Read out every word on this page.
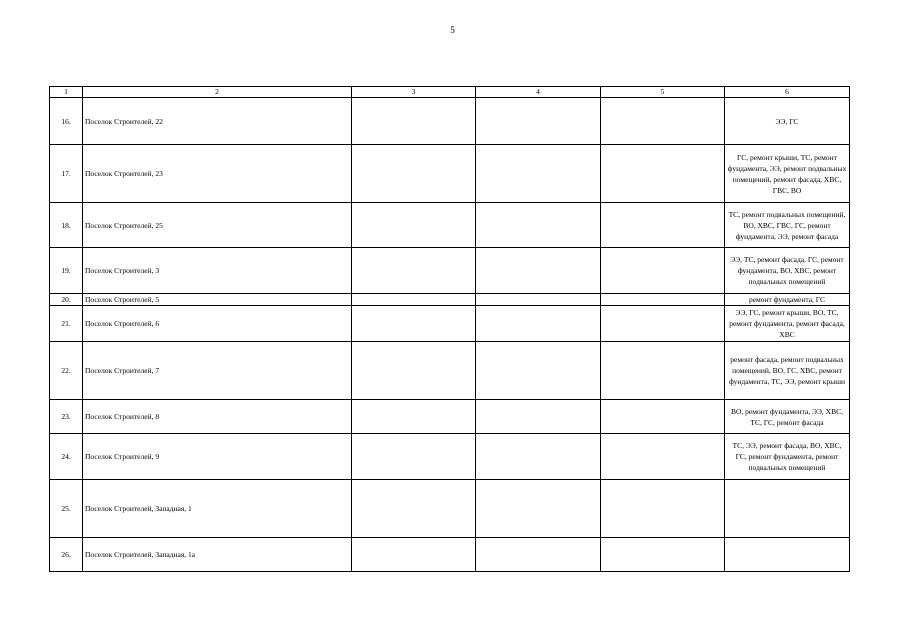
5
1	2	3	4	5	6
16.	Поселок Строителей, 22				ЭЭ, ГС
17.	Поселок Строителей, 23				ГС, ремонт крыши, ТС, ремонт фундамента, ЭЭ, ремонт подвальных помещений, ремонт фасада, ХВС, ГВС, ВО
18.	Поселок Строителей, 25				ТС, ремонт подвальных помещений, ВО, ХВС, ГВС, ГС, ремонт фундамента, ЭЭ, ремонт фасада
19.	Поселок Строителей, 3				ЭЭ, ТС, ремонт фасада, ГС, ремонт фундамента, ВО, ХВС, ремонт подвальных помещений
20.	Поселок Строителей, 5				ремонт фундамента, ГС
21.	Поселок Строителей, 6				ЭЭ, ГС, ремонт крыши, ВО, ТС, ремонт фундамента, ремонт фасада, ХВС
22.	Поселок Строителей, 7				ремонт фасада, ремонт подвальных помещений, ВО, ГС, ХВС, ремонт фундамента, ТС, ЭЭ, ремонт крыши
23.	Поселок Строителей, 8				ВО, ремонт фундамента, ЭЭ, ХВС, ТС, ГС, ремонт фасада
24.	Поселок Строителей, 9				ТС, ЭЭ, ремонт фасада, ВО, ХВС, ГС, ремонт фундамента, ремонт подвальных помещений
25.	Поселок Строителей, Западная, 1				
26.	Поселок Строителей, Западная, 1а				
